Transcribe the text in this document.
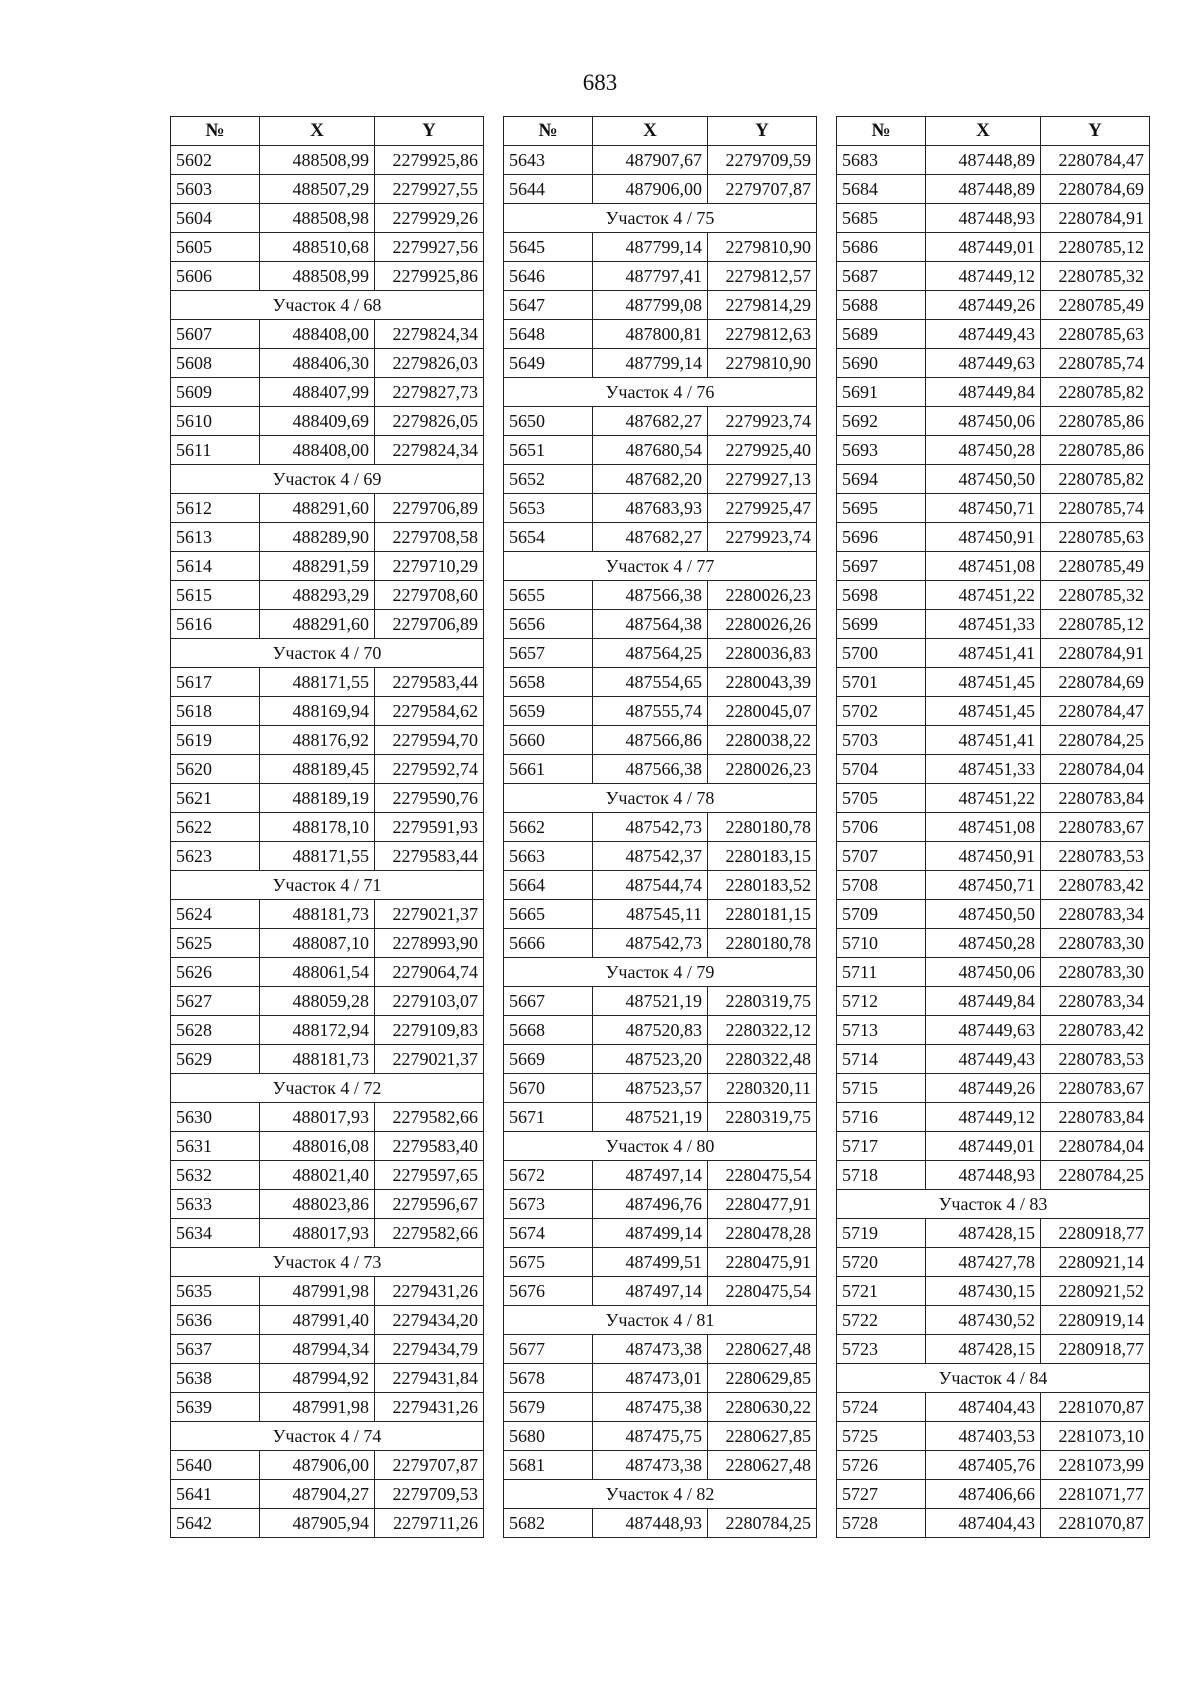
683
№	X	Y
5602	488508,99	2279925,86
5603	488507,29	2279927,55
5604	488508,98	2279929,26
5605	488510,68	2279927,56
5606	488508,99	2279925,86
Участок 4 / 68		
5607	488408,00	2279824,34
5608	488406,30	2279826,03
5609	488407,99	2279827,73
5610	488409,69	2279826,05
5611	488408,00	2279824,34
Участок 4 / 69		
5612	488291,60	2279706,89
5613	488289,90	2279708,58
5614	488291,59	2279710,29
5615	488293,29	2279708,60
5616	488291,60	2279706,89
Участок 4 / 70		
5617	488171,55	2279583,44
5618	488169,94	2279584,62
5619	488176,92	2279594,70
5620	488189,45	2279592,74
5621	488189,19	2279590,76
5622	488178,10	2279591,93
5623	488171,55	2279583,44
Участок 4 / 71		
5624	488181,73	2279021,37
5625	488087,10	2278993,90
5626	488061,54	2279064,74
5627	488059,28	2279103,07
5628	488172,94	2279109,83
5629	488181,73	2279021,37
Участок 4 / 72		
5630	488017,93	2279582,66
5631	488016,08	2279583,40
5632	488021,40	2279597,65
5633	488023,86	2279596,67
5634	488017,93	2279582,66
Участок 4 / 73		
5635	487991,98	2279431,26
5636	487991,40	2279434,20
5637	487994,34	2279434,79
5638	487994,92	2279431,84
5639	487991,98	2279431,26
Участок 4 / 74		
5640	487906,00	2279707,87
5641	487904,27	2279709,53
5642	487905,94	2279711,26
№	X	Y
5643	487907,67	2279709,59
5644	487906,00	2279707,87
Участок 4 / 75		
5645	487799,14	2279810,90
5646	487797,41	2279812,57
5647	487799,08	2279814,29
5648	487800,81	2279812,63
5649	487799,14	2279810,90
Участок 4 / 76		
5650	487682,27	2279923,74
5651	487680,54	2279925,40
5652	487682,20	2279927,13
5653	487683,93	2279925,47
5654	487682,27	2279923,74
Участок 4 / 77		
5655	487566,38	2280026,23
5656	487564,38	2280026,26
5657	487564,25	2280036,83
5658	487554,65	2280043,39
5659	487555,74	2280045,07
5660	487566,86	2280038,22
5661	487566,38	2280026,23
Участок 4 / 78		
5662	487542,73	2280180,78
5663	487542,37	2280183,15
5664	487544,74	2280183,52
5665	487545,11	2280181,15
5666	487542,73	2280180,78
Участок 4 / 79		
5667	487521,19	2280319,75
5668	487520,83	2280322,12
5669	487523,20	2280322,48
5670	487523,57	2280320,11
5671	487521,19	2280319,75
Участок 4 / 80		
5672	487497,14	2280475,54
5673	487496,76	2280477,91
5674	487499,14	2280478,28
5675	487499,51	2280475,91
5676	487497,14	2280475,54
Участок 4 / 81		
5677	487473,38	2280627,48
5678	487473,01	2280629,85
5679	487475,38	2280630,22
5680	487475,75	2280627,85
5681	487473,38	2280627,48
Участок 4 / 82		
5682	487448,93	2280784,25
№	X	Y
5683	487448,89	2280784,47
5684	487448,89	2280784,69
5685	487448,93	2280784,91
5686	487449,01	2280785,12
5687	487449,12	2280785,32
5688	487449,26	2280785,49
5689	487449,43	2280785,63
5690	487449,63	2280785,74
5691	487449,84	2280785,82
5692	487450,06	2280785,86
5693	487450,28	2280785,86
5694	487450,50	2280785,82
5695	487450,71	2280785,74
5696	487450,91	2280785,63
5697	487451,08	2280785,49
5698	487451,22	2280785,32
5699	487451,33	2280785,12
5700	487451,41	2280784,91
5701	487451,45	2280784,69
5702	487451,45	2280784,47
5703	487451,41	2280784,25
5704	487451,33	2280784,04
5705	487451,22	2280783,84
5706	487451,08	2280783,67
5707	487450,91	2280783,53
5708	487450,71	2280783,42
5709	487450,50	2280783,34
5710	487450,28	2280783,30
5711	487450,06	2280783,30
5712	487449,84	2280783,34
5713	487449,63	2280783,42
5714	487449,43	2280783,53
5715	487449,26	2280783,67
5716	487449,12	2280783,84
5717	487449,01	2280784,04
5718	487448,93	2280784,25
Участок 4 / 83		
5719	487428,15	2280918,77
5720	487427,78	2280921,14
5721	487430,15	2280921,52
5722	487430,52	2280919,14
5723	487428,15	2280918,77
Участок 4 / 84		
5724	487404,43	2281070,87
5725	487403,53	2281073,10
5726	487405,76	2281073,99
5727	487406,66	2281071,77
5728	487404,43	2281070,87
